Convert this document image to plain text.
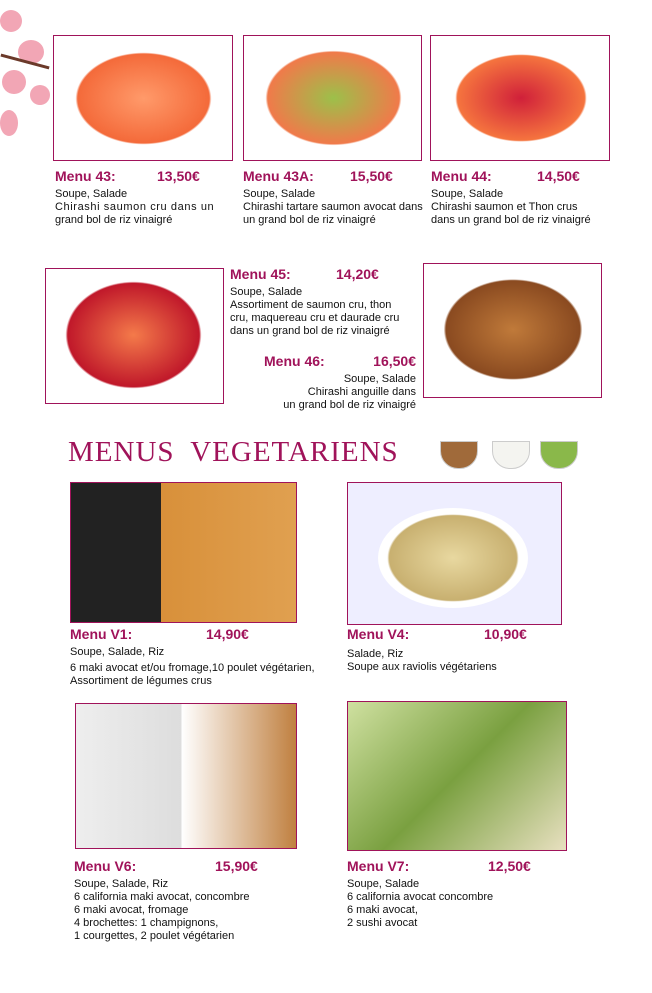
Menu 43:	13,50€
Soupe, Salade
Chirashi saumon cru dans un
grand bol de riz vinaigré
Menu 43A:	15,50€
Soupe, Salade
Chirashi tartare saumon avocat dans
un grand bol de riz vinaigré
Menu 44:	14,50€
Soupe, Salade
Chirashi saumon et Thon crus
dans un grand bol de riz vinaigré
Menu 45:	14,20€
Soupe, Salade
Assortiment de saumon cru, thon
cru, maquereau cru et daurade cru
dans un grand bol de riz vinaigré
Menu 46:	16,50€
Soupe, Salade
Chirashi anguille dans
un grand bol de riz vinaigré
MENUS VEGETARIENS
Menu V1:	14,90€
Soupe, Salade, Riz
6 maki avocat et/ou fromage,10 poulet végétarien,
Assortiment de légumes crus
Menu V4:	10,90€
Salade, Riz
Soupe aux raviolis végétariens
Menu V6:	15,90€
Soupe, Salade, Riz
6 california maki avocat, concombre
6 maki avocat, fromage
4 brochettes: 1 champignons,
1 courgettes, 2 poulet végétarien
Menu V7:	12,50€
Soupe, Salade
6 california avocat concombre
6 maki avocat,
2 sushi avocat
